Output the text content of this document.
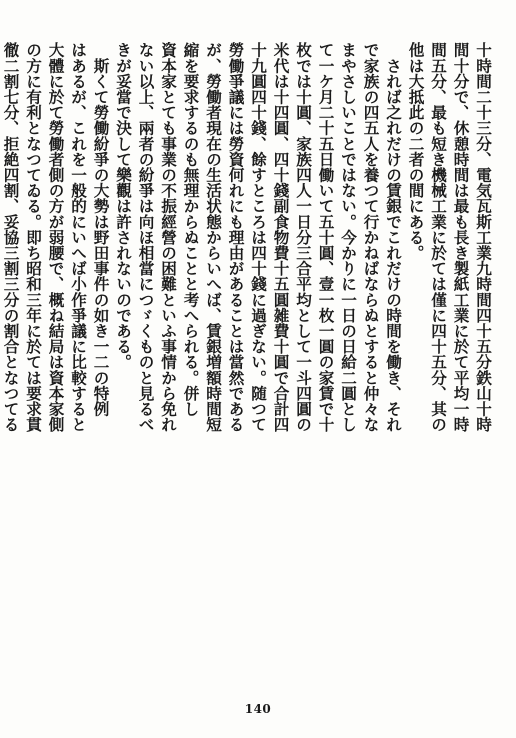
十時間二十三分、電気瓦斯工業九時間四十五分鉄山十時
間十分で、休憩時間は最も長き製紙工業に於て平均一時
間五分、最も短き機械工業に於ては僅に四十五分、其の
他は大抵此の二者の間にある。
　されば之れだけの賃銀でこれだけの時間を働き、それ
で家族の四五人を養つて行かねばならぬとすると仲々な
まやさしいことではない。今かりに一日の日給二圓とし
て一ケ月二十五日働いて五十圓、壹一枚一圓の家賃で十
枚では十圓、家族四人一日分三合平均として一斗四圓の
米代は十四圓、四十錢副食物費十五圓雑費十圓で合計四
十九圓四十錢、餘すところは四十錢に過ぎない。随つて
勞働爭議には勞資何れにも理由があることは當然である
が、勞働者現在の生活状態からいへば、賃銀増額時間短
縮を要求するのも無理からぬことと考へられる。併し
資本家とても事業の不振經營の困難といふ事情から免れ
ない以上、兩者の紛爭は向ほ相當につゞくものと見るべ
きが妥當で決して樂觀は許されないのである。
　斯くて勞働紛爭の大勢は野田事件の如き一二の特例
はあるが、これを一般的にいへば小作爭議に比較すると
大體に於て勞働者側の方が弱腰で、概ね結局は資本家側
の方に有利となつてゐる。即ち昭和三年に於ては要求貫
徹二割七分、拒絶四割、妥協三割三分の割合となつてる
140
